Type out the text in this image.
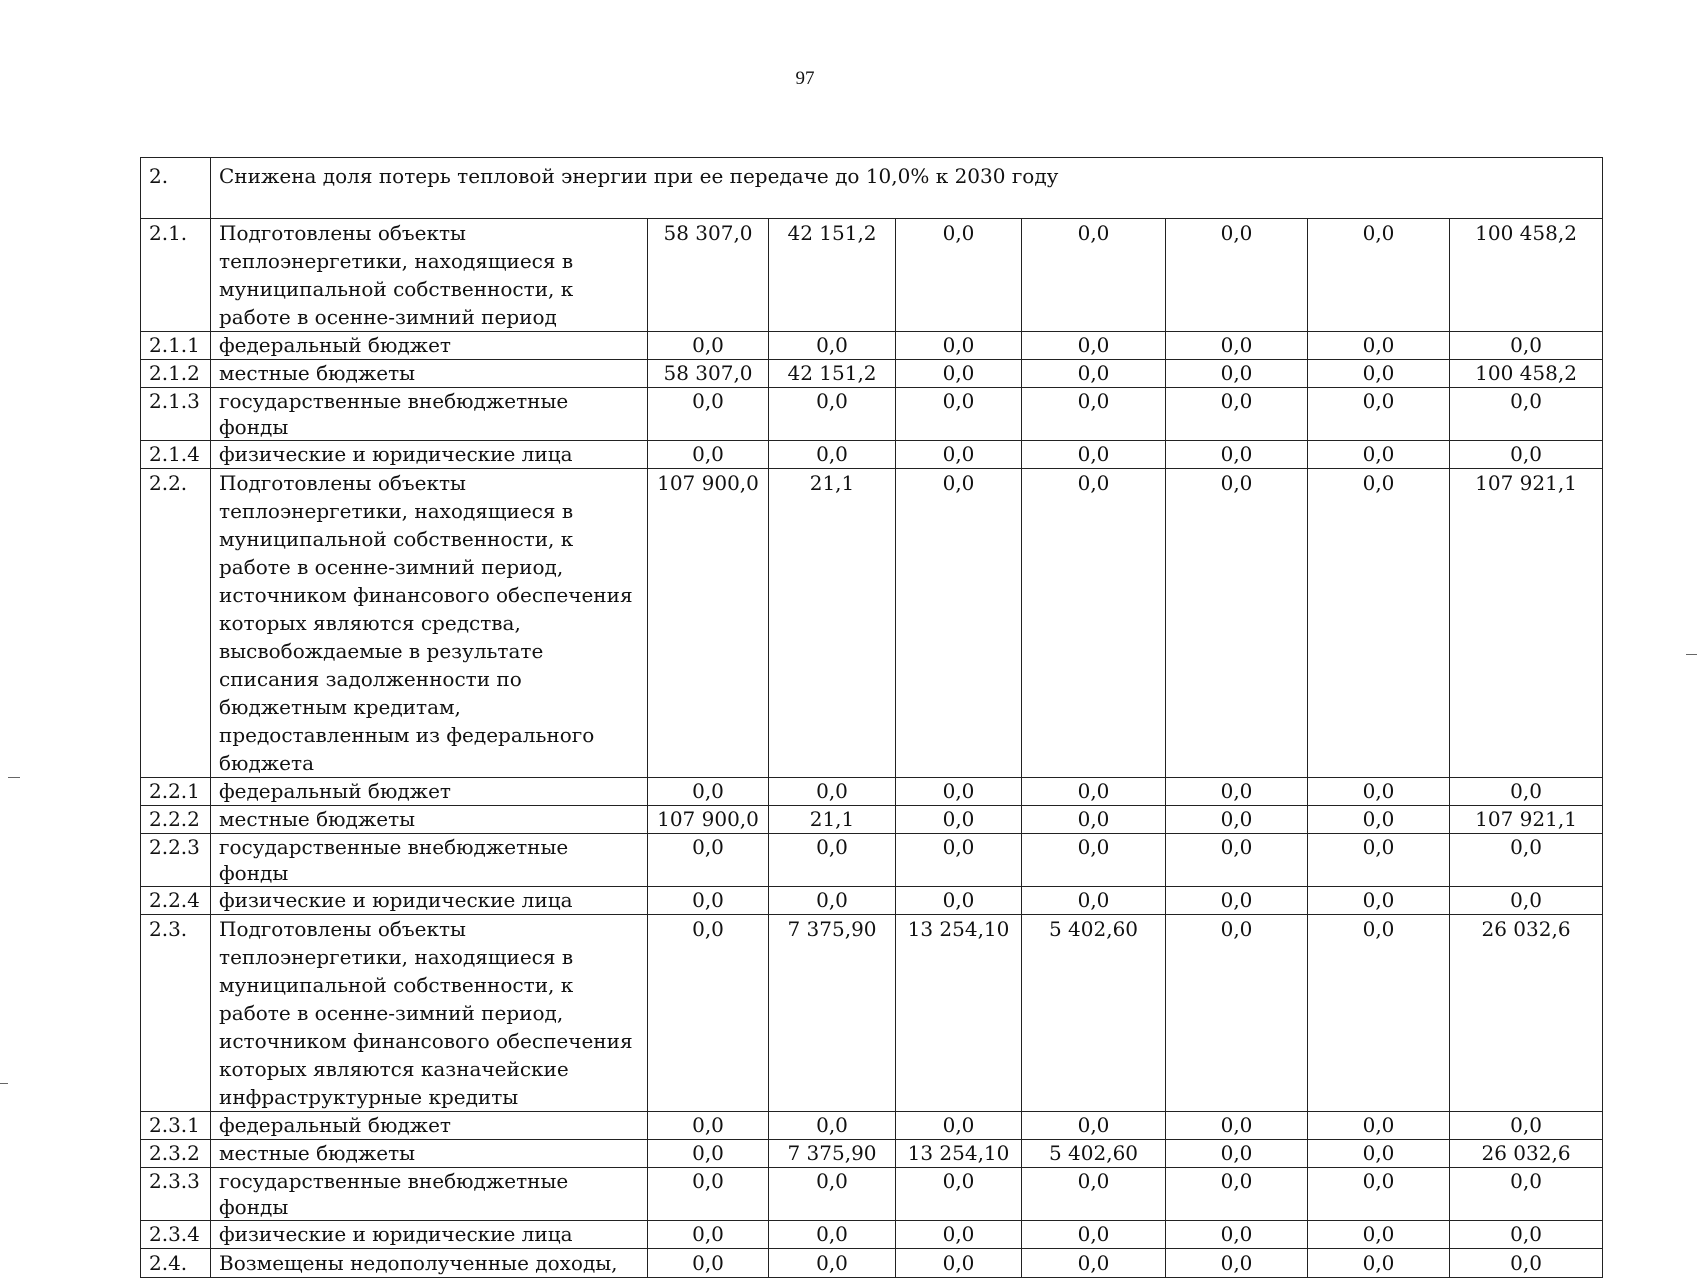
97
2.	Снижена доля потерь тепловой энергии при ее передаче до 10,0% к 2030 году							
2.1.	Подготовлены объекты теплоэнергетики, находящиеся в муниципальной собственности, к работе в осенне-зимний период	58 307,0	42 151,2	0,0	0,0	0,0	0,0	100 458,2
2.1.1	федеральный бюджет	0,0	0,0	0,0	0,0	0,0	0,0	0,0
2.1.2	местные бюджеты	58 307,0	42 151,2	0,0	0,0	0,0	0,0	100 458,2
2.1.3	государственные внебюджетные фонды	0,0	0,0	0,0	0,0	0,0	0,0	0,0
2.1.4	физические и юридические лица	0,0	0,0	0,0	0,0	0,0	0,0	0,0
2.2.	Подготовлены объекты теплоэнергетики, находящиеся в муниципальной собственности, к работе в осенне-зимний период, источником финансового обеспечения которых являются средства, высвобождаемые в результате списания задолженности по бюджетным кредитам, предоставленным из федерального бюджета	107 900,0	21,1	0,0	0,0	0,0	0,0	107 921,1
2.2.1	федеральный бюджет	0,0	0,0	0,0	0,0	0,0	0,0	0,0
2.2.2	местные бюджеты	107 900,0	21,1	0,0	0,0	0,0	0,0	107 921,1
2.2.3	государственные внебюджетные фонды	0,0	0,0	0,0	0,0	0,0	0,0	0,0
2.2.4	физические и юридические лица	0,0	0,0	0,0	0,0	0,0	0,0	0,0
2.3.	Подготовлены объекты теплоэнергетики, находящиеся в муниципальной собственности, к работе в осенне-зимний период, источником финансового обеспечения которых являются казначейские инфраструктурные кредиты	0,0	7 375,90	13 254,10	5 402,60	0,0	0,0	26 032,6
2.3.1	федеральный бюджет	0,0	0,0	0,0	0,0	0,0	0,0	0,0
2.3.2	местные бюджеты	0,0	7 375,90	13 254,10	5 402,60	0,0	0,0	26 032,6
2.3.3	государственные внебюджетные фонды	0,0	0,0	0,0	0,0	0,0	0,0	0,0
2.3.4	физические и юридические лица	0,0	0,0	0,0	0,0	0,0	0,0	0,0
2.4.	Возмещены недополученные доходы,	0,0	0,0	0,0	0,0	0,0	0,0	0,0
